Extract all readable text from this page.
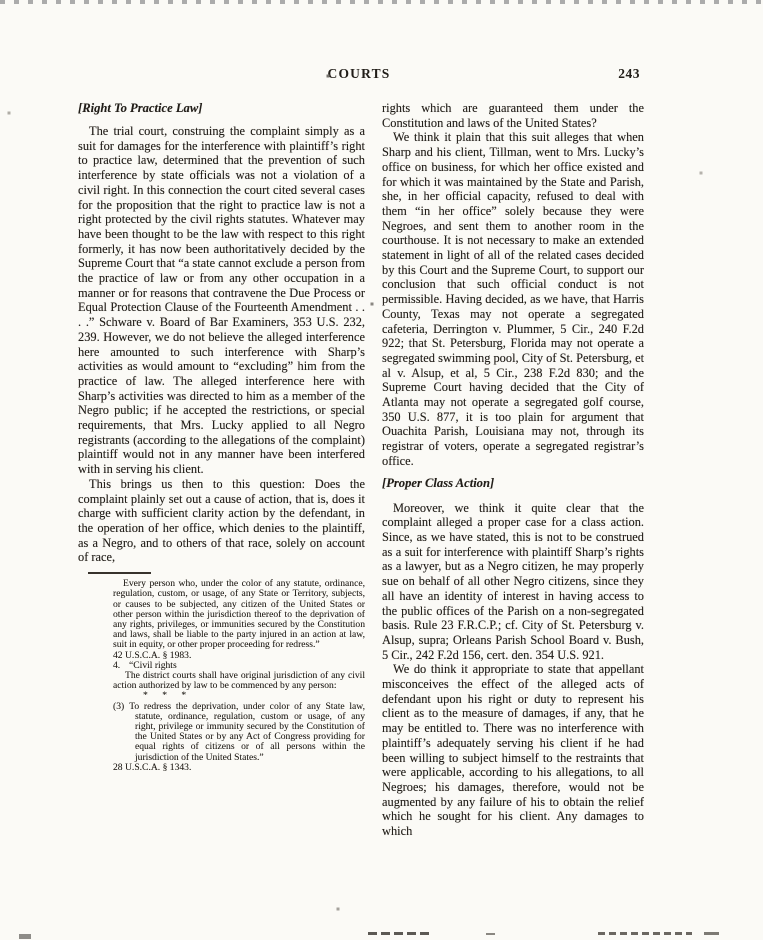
COURTS	243
[Right To Practice Law]

The trial court, construing the complaint simply as a suit for damages for the interference with plaintiff’s right to practice law, determined that the prevention of such interference by state officials was not a violation of a civil right. In this connection the court cited several cases for the proposition that the right to practice law is not a right protected by the civil rights statutes. Whatever may have been thought to be the law with respect to this right formerly, it has now been authoritatively decided by the Supreme Court that “a state cannot exclude a person from the practice of law or from any other occupation in a manner or for reasons that contravene the Due Process or Equal Protection Clause of the Fourteenth Amendment . . . .” Schware v. Board of Bar Examiners, 353 U.S. 232, 239. However, we do not believe the alleged interference here amounted to such interference with Sharp’s activities as would amount to “excluding” him from the practice of law. The alleged interference here with Sharp’s activities was directed to him as a member of the Negro public; if he accepted the restrictions, or special requirements, that Mrs. Lucky applied to all Negro registrants (according to the allegations of the complaint) plaintiff would not in any manner have been interfered with in serving his client.

This brings us then to this question: Does the complaint plainly set out a cause of action, that is, does it charge with sufficient clarity action by the defendant, in the operation of her office, which denies to the plaintiff, as a Negro, and to others of that race, solely on account of race,

Every person who, under the color of any statute, ordinance, regulation, custom, or usage, of any State or Territory, subjects, or causes to be subjected, any citizen of the United States or other person within the jurisdiction thereof to the deprivation of any rights, privileges, or immunities secured by the Constitution and laws, shall be liable to the party injured in an action at law, suit in equity, or other proper proceeding for redress.”

42 U.S.C.A. § 1983.

4. “Civil rights

The district courts shall have original jurisdiction of any civil action authorized by law to be commenced by any person:

* * *

(3) To redress the deprivation, under color of any State law, statute, ordinance, regulation, custom or usage, of any right, privilege or immunity secured by the Constitution of the United States or by any Act of Congress providing for equal rights of citizens or of all persons within the jurisdiction of the United States.”

28 U.S.C.A. § 1343.

rights which are guaranteed them under the Constitution and laws of the United States?

We think it plain that this suit alleges that when Sharp and his client, Tillman, went to Mrs. Lucky’s office on business, for which her office existed and for which it was maintained by the State and Parish, she, in her official capacity, refused to deal with them “in her office” solely because they were Negroes, and sent them to another room in the courthouse. It is not necessary to make an extended statement in light of all of the related cases decided by this Court and the Supreme Court, to support our conclusion that such official conduct is not permissible. Having decided, as we have, that Harris County, Texas may not operate a segregated cafeteria, Derrington v. Plummer, 5 Cir., 240 F.2d 922; that St. Petersburg, Florida may not operate a segregated swimming pool, City of St. Petersburg, et al v. Alsup, et al, 5 Cir., 238 F.2d 830; and the Supreme Court having decided that the City of Atlanta may not operate a segregated golf course, 350 U.S. 877, it is too plain for argument that Ouachita Parish, Louisiana may not, through its registrar of voters, operate a segregated registrar’s office.

[Proper Class Action]

Moreover, we think it quite clear that the complaint alleged a proper case for a class action. Since, as we have stated, this is not to be construed as a suit for interference with plaintiff Sharp’s rights as a lawyer, but as a Negro citizen, he may properly sue on behalf of all other Negro citizens, since they all have an identity of interest in having access to the public offices of the Parish on a non-segregated basis. Rule 23 F.R.C.P.; cf. City of St. Petersburg v. Alsup, supra; Orleans Parish School Board v. Bush, 5 Cir., 242 F.2d 156, cert. den. 354 U.S. 921.

We do think it appropriate to state that appellant misconceives the effect of the alleged acts of defendant upon his right or duty to represent his client as to the measure of damages, if any, that he may be entitled to. There was no interference with plaintiff’s adequately serving his client if he had been willing to subject himself to the restraints that were applicable, according to his allegations, to all Negroes; his damages, therefore, would not be augmented by any failure of his to obtain the relief which he sought for his client. Any damages to which
